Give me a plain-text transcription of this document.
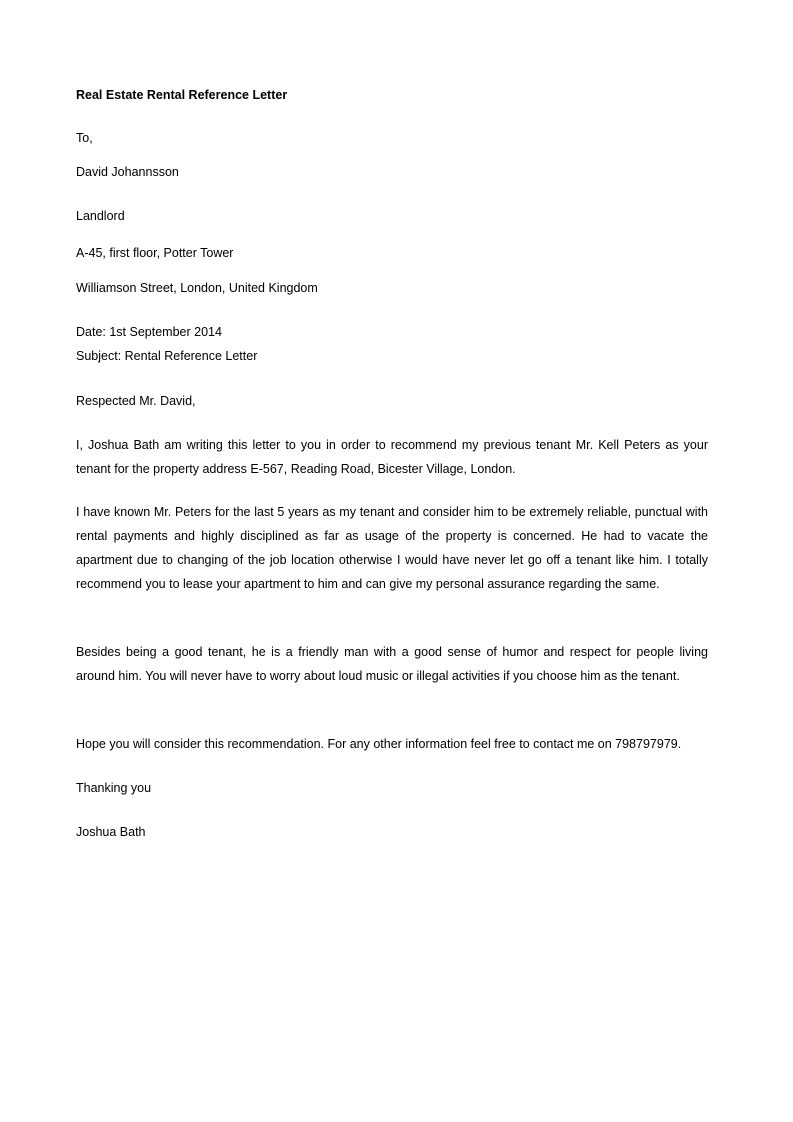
Real Estate Rental Reference Letter

To,

David Johannsson

Landlord

A-45, first floor, Potter Tower

Williamson Street, London, United Kingdom

Date: 1st September 2014

Subject: Rental Reference Letter

Respected Mr. David,

I, Joshua Bath am writing this letter to you in order to recommend my previous tenant Mr. Kell Peters as your tenant for the property address E-567, Reading Road, Bicester Village, London.

I have known Mr. Peters for the last 5 years as my tenant and consider him to be extremely reliable, punctual with rental payments and highly disciplined as far as usage of the property is concerned. He had to vacate the apartment due to changing of the job location otherwise I would have never let go off a tenant like him. I totally recommend you to lease your apartment to him and can give my personal assurance regarding the same.

Besides being a good tenant, he is a friendly man with a good sense of humor and respect for people living around him. You will never have to worry about loud music or illegal activities if you choose him as the tenant.

Hope you will consider this recommendation. For any other information feel free to contact me on 798797979.

Thanking you

Joshua Bath
